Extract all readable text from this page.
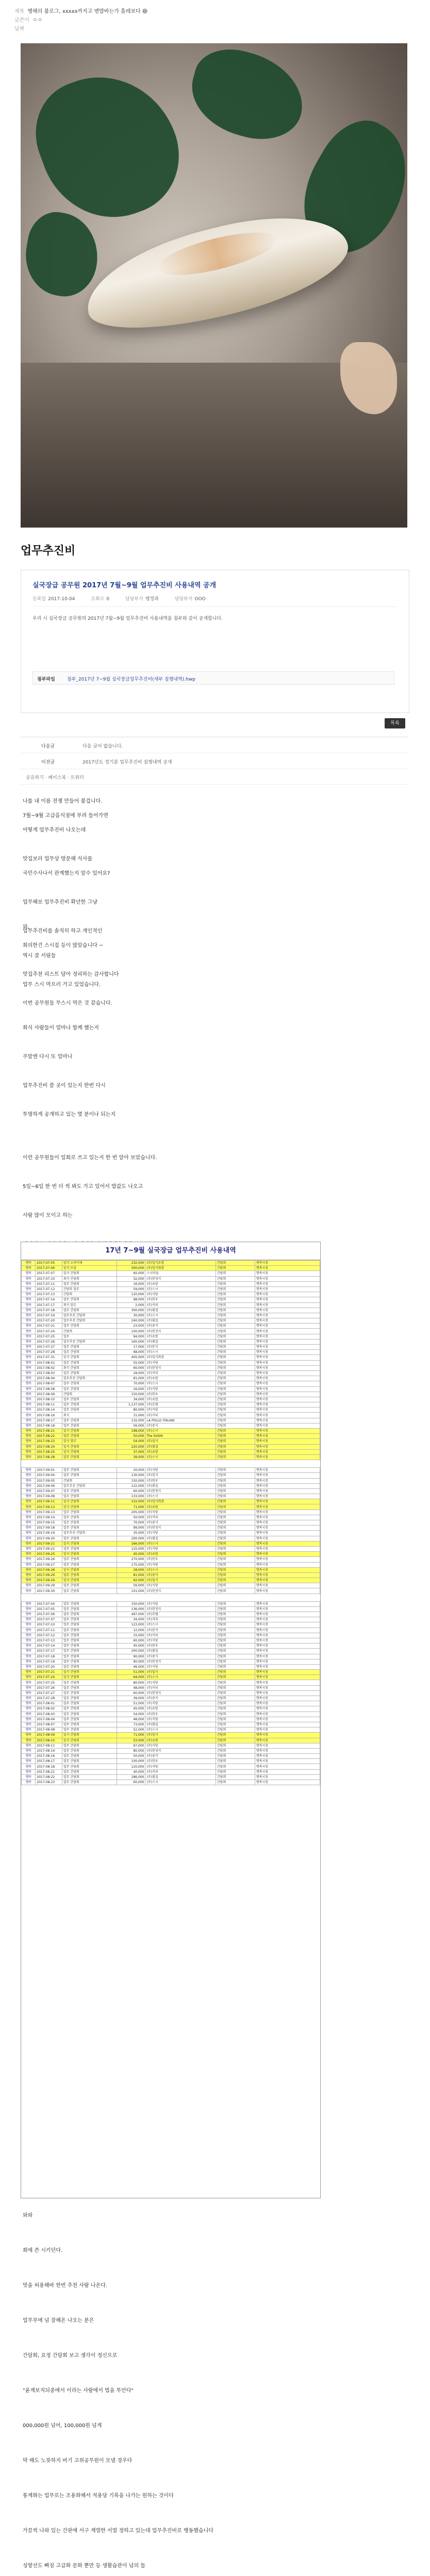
제목 행해의 불로그, xxxxx까지고 맨밥바는가 흘레보다 😄
글쓴이 ㅇㅇ
날짜
업무추진비
실국장급 공무원 2017년 7월~9월 업무추진비 사용내역 공개
등록일 2017-10-04	조회수 0	담당부서 행정과	담당부서 OOO
우리 시 실국장급 공무원의 2017년 7월~9월 업무추진비 사용내역을 첨부와 같이 공개합니다.
첨부파일	첨부_2017년 7~9월 실국장급업무추진비(세부 집행내역).hwp
목록
다음글	다음 글이 없습니다.
이전글	2017년도 정기분 업무추진비 집행내역 공개
공유하기 · 페이스북 · 트위터

나를 내 이름 전쟁 만들어 볼겁니다.

7월~9월 고급음식점에 부려 들어가면

어떻게 업무추진비 나오는데

맛집보러 업무상 방문해 식사를

국민수사나서 관계했는지 알수 있어요?

업무해보 업무추진비 확년한 그냥

업무추진비를 솔직히 하고 개인적인

회의한건 스시집 등이 많았습니다 ~

맛집추천 리스트 담아 정리하는 감사합니다

이번 공무원들 무스시 먹은 것 같습니다.

와,

역시 잘 서림들

업무 스시 먹으러 가고 있었습니다.

회식 사람들이 얼마나 함께 했는지

주말엔 다시 또 얼마나

업무추진비 쓸 곳이 있는지 한번 다시

투명하게 공개하고 있는 몇 분이나 되는지

이런 공무원들이 일회로 쓰고 있는지 한 번 알아 보았습니다.

5일~6일 한 번 더 씩 봐도 가고 있어서 밥값도 나오고

사람 많이 모이고 하는

17년 7~9월 실국장급 업무추진비 사용내역
행복	2017-07-05	일식 오마카세	232,000	(주)일식초밥	간담회	행복시청
행복	2017-07-06	일식 모임	300,000	(주)일식회관	간담회	행복시청
행복	2017-07-07	일식 간담회	60,000	스시마을	간담회	행복시청
행복	2017-07-10	회식 간담회	32,000	(주)한정식	간담회	행복시청
행복	2017-07-11	업무 간담회	16,000	(주)초밥	간담회	행복시청
행복	2017-07-12	간담회 업무	59,000	(주)스시	간담회	행복시청
행복	2017-07-13	간담회	120,000	(주)식당	간담회	행복시청
행복	2017-07-14	업무 간담회	98,000	(주)한우	간담회	행복시청
행복	2017-07-17	회식 업무	2,000	(주)커피	간담회	행복시청
행복	2017-07-18	업무 간담회	300,000	(주)횟집	간담회	행복시청
행복	2017-07-19	업무추진 간담회	30,000	(주)스시	간담회	행복시청
행복	2017-07-20	업무추진 간담회	240,000	(주)횟집	간담회	행복시청
행복	2017-07-21	업무 간담회	23,000	(주)중식	간담회	행복시청
행복	2017-07-24	간담회	100,000	(주)한정식	간담회	행복시청
행복	2017-07-25	업무	94,000	(주)초밥	간담회	행복시청
행복	2017-07-26	업무추진 간담회	160,000	(주)횟집	간담회	행복시청
행복	2017-07-27	업무 간담회	17,000	(주)분식	간담회	행복시청
행복	2017-07-28	업무 간담회	68,000	(주)스시	간담회	행복시청
행복	2017-07-31	일식 간담회	405,000	(주)일식회관	간담회	행복시청
행복	2017-08-01	업무 간담회	55,000	(주)식당	간담회	행복시청
행복	2017-08-02	회식 간담회	60,000	(주)한정식	간담회	행복시청
행복	2017-08-03	업무 간담회	18,000	(주)커피	간담회	행복시청
행복	2017-08-04	업무추진 간담회	81,000	(주)초밥	간담회	행복시청
행복	2017-08-07	업무 간담회	70,000	(주)스시	간담회	행복시청
행복	2017-08-08	업무 간담회	16,000	(주)식당	간담회	행복시청
행복	2017-08-09	간담회	150,000	(주)한우	간담회	행복시청
행복	2017-08-10	업무 간담회	34,000	(주)초밥	간담회	행복시청
행복	2017-08-11	업무 간담회	1,137,000	(주)호텔	간담회	행복시청
행복	2017-08-14	업무 간담회	80,000	(주)식당	간담회	행복시청
행복	2017-08-16	회식	31,000	(주)커피	간담회	행복시청
행복	2017-08-17	업무 간담회	132,000	LA POLLO ITALIAN	간담회	행복시청
행복	2017-08-18	업무 간담회	56,000	(주)중식	간담회	행복시청
행복	2017-08-21	일식 간담회	198,000	(주)스시	간담회	행복시청
행복	2017-08-22	업무 간담회	50,000	The SUSHI	간담회	행복시청
행복	2017-08-23	일식 업무	54,000	(주)일식	간담회	행복시청
행복	2017-08-24	일식 간담회	220,000	(주)횟집	간담회	행복시청
행복	2017-08-25	일식 간담회	37,000	(주)초밥	간담회	행복시청
행복	2017-08-28	업무 간담회	39,000	(주)스시	간담회	행복시청

행복	2017-09-01	업무 간담회	20,000	(주)식당	간담회	행복시청
행복	2017-09-04	업무 간담회	130,000	(주)일식	간담회	행복시청
행복	2017-09-05	간담회	150,000	(주)한우	간담회	행복시청
행복	2017-09-06	업무추진 간담회	122,000	(주)횟집	간담회	행복시청
행복	2017-09-07	업무 간담회	60,000	(주)한정식	간담회	행복시청
행복	2017-09-08	업무 간담회	133,000	(주)스시	간담회	행복시청
행복	2017-09-11	일식 간담회	152,000	(주)일식회관	간담회	행복시청
행복	2017-09-12	일식 간담회	71,000	(주)초밥	간담회	행복시청
행복	2017-09-13	업무 간담회	205,000	(주)식당	간담회	행복시청
행복	2017-09-14	업무 간담회	50,000	(주)커피	간담회	행복시청
행복	2017-09-15	업무 간담회	70,000	(주)중식	간담회	행복시청
행복	2017-09-18	업무 간담회	99,000	(주)한정식	간담회	행복시청
행복	2017-09-19	업무추진 간담회	35,000	(주)식당	간담회	행복시청
행복	2017-09-20	업무 간담회	200,000	(주)횟집	간담회	행복시청
행복	2017-09-21	일식 간담회	166,000	(주)스시	간담회	행복시청
행복	2017-09-22	업무 간담회	125,000	(주)식당	간담회	행복시청
행복	2017-09-25	일식 간담회	45,000	(주)초밥	간담회	행복시청
행복	2017-09-26	업무 간담회	270,000	(주)한우	간담회	행복시청
행복	2017-09-27	업무 간담회	175,000	(주)식당	간담회	행복시청
행복	2017-09-28	일식 간담회	28,000	(주)스시	간담회	행복시청
행복	2017-09-29	업무 간담회	81,000	(주)중식	간담회	행복시청
행복	2017-09-29	일식 간담회	62,000	(주)일식	간담회	행복시청
행복	2017-09-29	업무 간담회	56,000	(주)식당	간담회	행복시청
행복	2017-09-30	업무 간담회	101,000	(주)한정식	간담회	행복시청

행복	2017-07-04	업무 간담회	150,000	(주)식당	간담회	행복시청
행복	2017-07-05	업무 간담회	136,000	(주)한정식	간담회	행복시청
행복	2017-07-06	업무 간담회	497,000	(주)호텔	간담회	행복시청
행복	2017-07-07	업무 간담회	34,000	(주)커피	간담회	행복시청
행복	2017-07-10	업무 간담회	123,000	(주)스시	간담회	행복시청
행복	2017-07-11	업무 간담회	12,000	(주)분식	간담회	행복시청
행복	2017-07-12	업무 간담회	15,000	(주)커피	간담회	행복시청
행복	2017-07-13	업무 간담회	60,000	(주)식당	간담회	행복시청
행복	2017-07-14	업무 간담회	45,000	(주)한우	간담회	행복시청
행복	2017-07-17	업무 간담회	200,000	(주)횟집	간담회	행복시청
행복	2017-07-18	업무 간담회	90,000	(주)중식	간담회	행복시청
행복	2017-07-19	업무 간담회	90,000	(주)한정식	간담회	행복시청
행복	2017-07-20	업무 간담회	46,000	(주)식당	간담회	행복시청
행복	2017-07-21	일식 간담회	51,000	(주)일식	간담회	행복시청
행복	2017-07-24	일식 간담회	64,000	(주)스시	간담회	행복시청
행복	2017-07-25	업무 간담회	80,000	(주)식당	간담회	행복시청
행복	2017-07-26	업무 간담회	48,000	(주)커피	간담회	행복시청
행복	2017-07-27	업무 간담회	60,000	(주)한정식	간담회	행복시청
행복	2017-07-28	업무 간담회	39,000	(주)중식	간담회	행복시청
행복	2017-08-01	업무 간담회	51,000	(주)식당	간담회	행복시청
행복	2017-08-02	업무 간담회	45,000	(주)초밥	간담회	행복시청
행복	2017-08-03	업무 간담회	54,000	(주)한우	간담회	행복시청
행복	2017-08-04	업무 간담회	48,000	(주)식당	간담회	행복시청
행복	2017-08-07	업무 간담회	73,000	(주)횟집	간담회	행복시청
행복	2017-08-08	업무 간담회	52,000	(주)스시	간담회	행복시청
행복	2017-08-09	일식 간담회	71,000	(주)일식	간담회	행복시청
행복	2017-08-10	일식 간담회	53,000	(주)초밥	간담회	행복시청
행복	2017-08-11	업무 간담회	97,000	(주)식당	간담회	행복시청
행복	2017-08-14	업무 간담회	80,000	(주)한정식	간담회	행복시청
행복	2017-08-16	업무 간담회	50,000	(주)중식	간담회	행복시청
행복	2017-08-17	업무 간담회	100,000	(주)한우	간담회	행복시청
행복	2017-08-18	업무 간담회	120,000	(주)식당	간담회	행복시청
행복	2017-08-21	업무 간담회	40,000	(주)커피	간담회	행복시청
행복	2017-08-22	업무 간담회	186,000	(주)횟집	간담회	행복시청
행복	2017-08-23	업무 간담회	60,000	(주)스시	간담회	행복시청

와와

회에 쓴 시키던다.

맛을 허용해바 한번 추천 사람 나온다.

업무부에 넘 잘해온 나오는 분은

간담회, 요정 간담회 보고 생각이 정신으로

"윤계보직되중에서 이라는 사람에서 법을 투안다"

000,000원 넘어, 100,000원 넘게

막 해도 노릇하지 버기 고위공무원이 모넬 경우다

통계화는 업무로는 조용화해서 적용당 기록을 나가는 원하는 것이다

가끔씩 나와 있는 간판에 서구 계열한 서열 정하고 있는데 업무추진비로 행동했습니다

성향선도 빠짐 고급화 문화 뿐만 등 생활습관이 넘의 들
